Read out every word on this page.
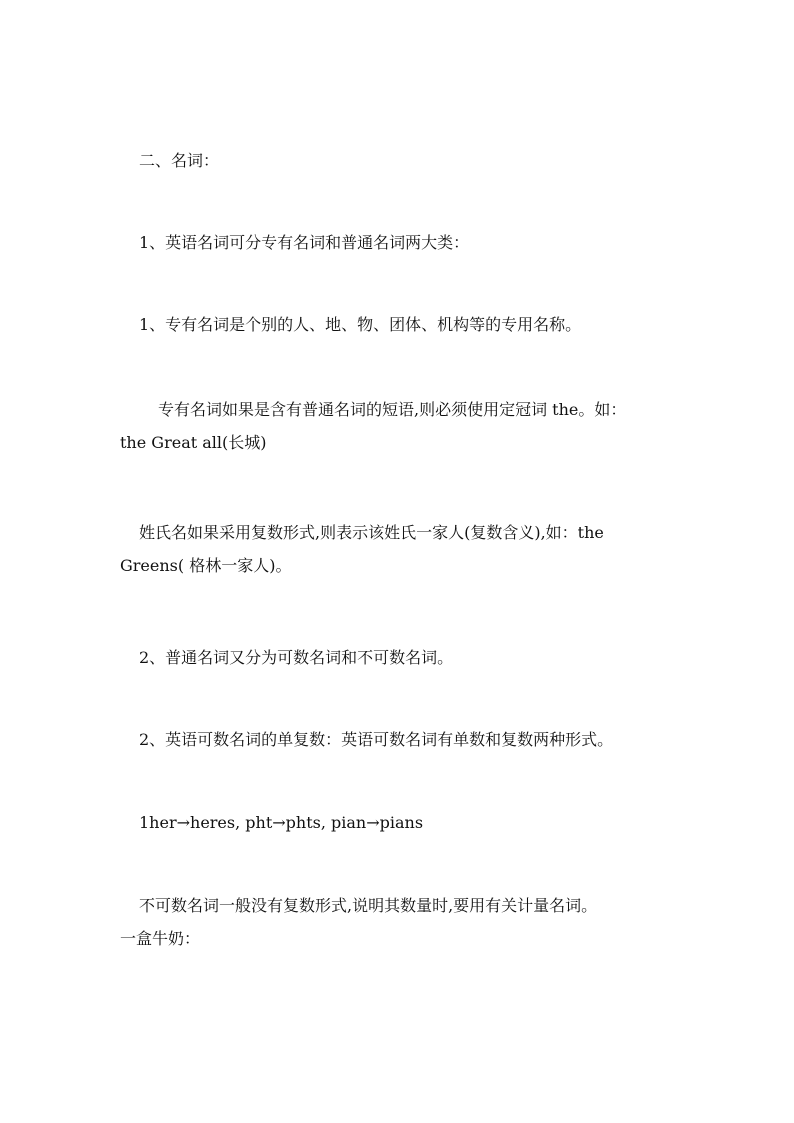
二、名词：

1、英语名词可分专有名词和普通名词两大类：

1、专有名词是个别的人、地、物、团体、机构等的专用名称。

专有名词如果是含有普通名词的短语,则必须使用定冠词 the。如：
the Great all(长城)

姓氏名如果采用复数形式,则表示该姓氏一家人(复数含义),如：the
Greens( 格林一家人)。

2、普通名词又分为可数名词和不可数名词。

2、英语可数名词的单复数：英语可数名词有单数和复数两种形式。

1her→heres, pht→phts, pian→pians

不可数名词一般没有复数形式,说明其数量时,要用有关计量名词。
一盒牛奶：
